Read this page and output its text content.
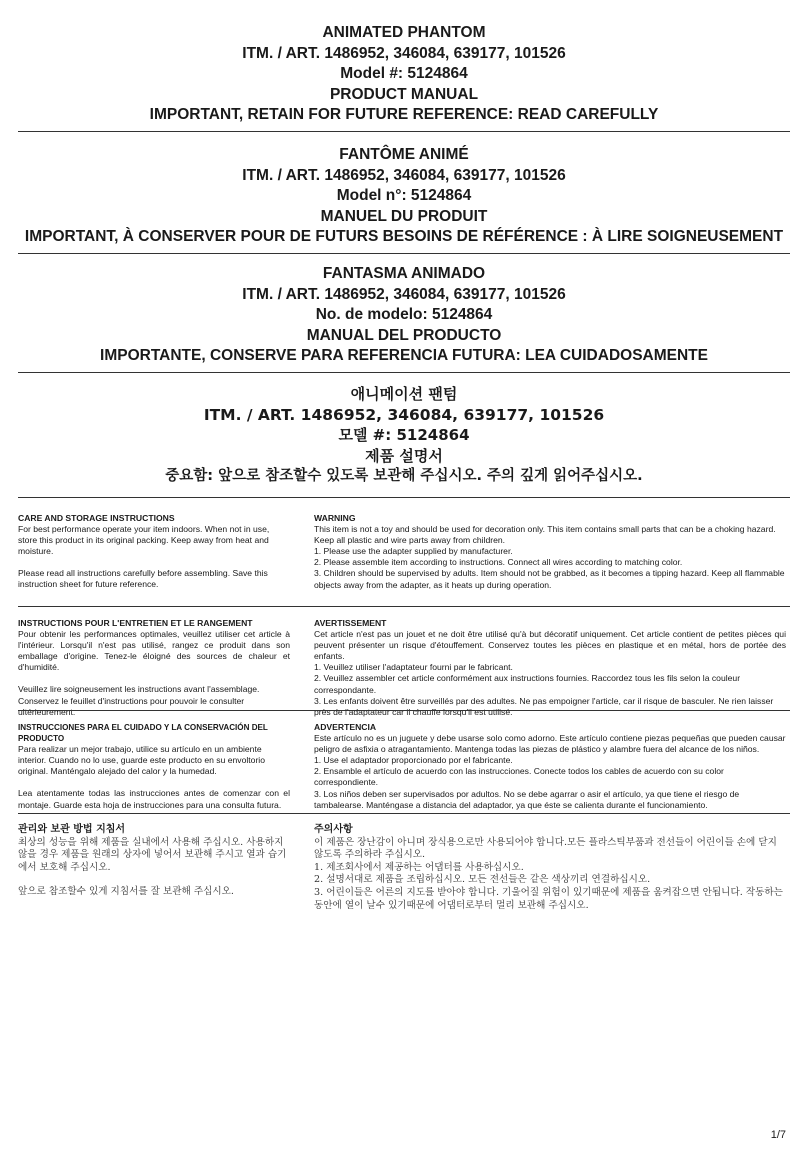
ANIMATED PHANTOM
ITM. / ART. 1486952, 346084, 639177, 101526
Model #: 5124864
PRODUCT MANUAL
IMPORTANT, RETAIN FOR FUTURE REFERENCE: READ CAREFULLY
FANTÔME ANIMÉ
ITM. / ART. 1486952, 346084, 639177, 101526
Model n°: 5124864
MANUEL DU PRODUIT
IMPORTANT, À CONSERVER POUR DE FUTURS BESOINS DE RÉFÉRENCE : À LIRE SOIGNEUSEMENT
FANTASMA ANIMADO
ITM. / ART. 1486952, 346084, 639177, 101526
No. de modelo: 5124864
MANUAL DEL PRODUCTO
IMPORTANTE, CONSERVE PARA REFERENCIA FUTURA: LEA CUIDADOSAMENTE
애니메이션 팬텀
ITM. / ART. 1486952, 346084, 639177, 101526
모델 #: 5124864
제품 설명서
중요함: 앞으로 참조할수 있도록 보관해 주십시오. 주의 깊게 읽어주십시오.
CARE AND STORAGE INSTRUCTIONS
For best performance operate your item indoors. When not in use, store this product in its original packing. Keep away from heat and moisture.
Please read all instructions carefully before assembling. Save this instruction sheet for future reference.
WARNING
This item is not a toy and should be used for decoration only. This item contains small parts that can be a choking hazard. Keep all plastic and wire parts away from children.
1. Please use the adapter supplied by manufacturer.
2. Please assemble item according to instructions. Connect all wires according to matching color.
3. Children should be supervised by adults. Item should not be grabbed, as it becomes a tipping hazard. Keep all flammable objects away from the adapter, as it heats up during operation.
INSTRUCTIONS POUR L'ENTRETIEN ET LE RANGEMENT
Pour obtenir les performances optimales, veuillez utiliser cet article à l'intérieur. Lorsqu'il n'est pas utilisé, rangez ce produit dans son emballage d'origine. Tenez-le éloigné des sources de chaleur et d'humidité.
Veuillez lire soigneusement les instructions avant l'assemblage. Conservez le feuillet d'instructions pour pouvoir le consulter ultérieurement.
AVERTISSEMENT
Cet article n'est pas un jouet et ne doit être utilisé qu'à but décoratif uniquement. Cet article contient de petites pièces qui peuvent présenter un risque d'étouffement. Conservez toutes les pièces en plastique et en métal, hors de portée des enfants.
1. Veuillez utiliser l'adaptateur fourni par le fabricant.
2. Veuillez assembler cet article conformément aux instructions fournies. Raccordez tous les fils selon la couleur correspondante.
3. Les enfants doivent être surveillés par des adultes. Ne pas empoigner l'article, car il risque de basculer. Ne rien laisser près de l'adaptateur car il chauffe lorsqu'il est utilisé.
INSTRUCCIONES PARA EL CUIDADO Y LA CONSERVACIÓN DEL PRODUCTO
Para realizar un mejor trabajo, utilice su artículo en un ambiente interior. Cuando no lo use, guarde este producto en su envoltorio original. Manténgalo alejado del calor y la humedad.
Lea atentamente todas las instrucciones antes de comenzar con el montaje. Guarde esta hoja de instrucciones para una consulta futura.
ADVERTENCIA
Este artículo no es un juguete y debe usarse solo como adorno. Este artículo contiene piezas pequeñas que pueden causar peligro de asfixia o atragantamiento. Mantenga todas las piezas de plástico y alambre fuera del alcance de los niños.
1. Use el adaptador proporcionado por el fabricante.
2. Ensamble el artículo de acuerdo con las instrucciones. Conecte todos los cables de acuerdo con su color correspondiente.
3. Los niños deben ser supervisados por adultos. No se debe agarrar o asir el artículo, ya que tiene el riesgo de tambalearse. Manténgase a distancia del adaptador, ya que éste se calienta durante el funcionamiento.
관리와 보관 방법 지침서
최상의 성능을 위해 제품을 실내에서 사용해 주십시오. 사용하지 않을 경우 제품을 원래의 상자에 넣어서 보관해 주시고 열과 습기에서 보호해 주십시오.
앞으로 참조할수 있게 지침서를 잘 보관해 주십시오.
주의사항
이 제품은 장난감이 아니며 장식용으로만 사용되어야 합니다.모든 플라스틱부품과 전선들이 어린이들 손에 닫지않도록 주의하라 주십시오.
1. 제조회사에서 제공하는 어댑터를 사용하십시오.
2. 설명서대로 제품을 조립하십시오. 모든 전선들은 같은 색상끼리 연결하십시오.
3. 어린이들은 어른의 지도를 받아야 합니다. 기울어질 위험이 있기때문에 제품을 움켜잡으면 안됩니다. 작동하는 동안에 열이 날수 있기때문에 어댑터로부터 멀리 보관해 주십시오.
1/7
